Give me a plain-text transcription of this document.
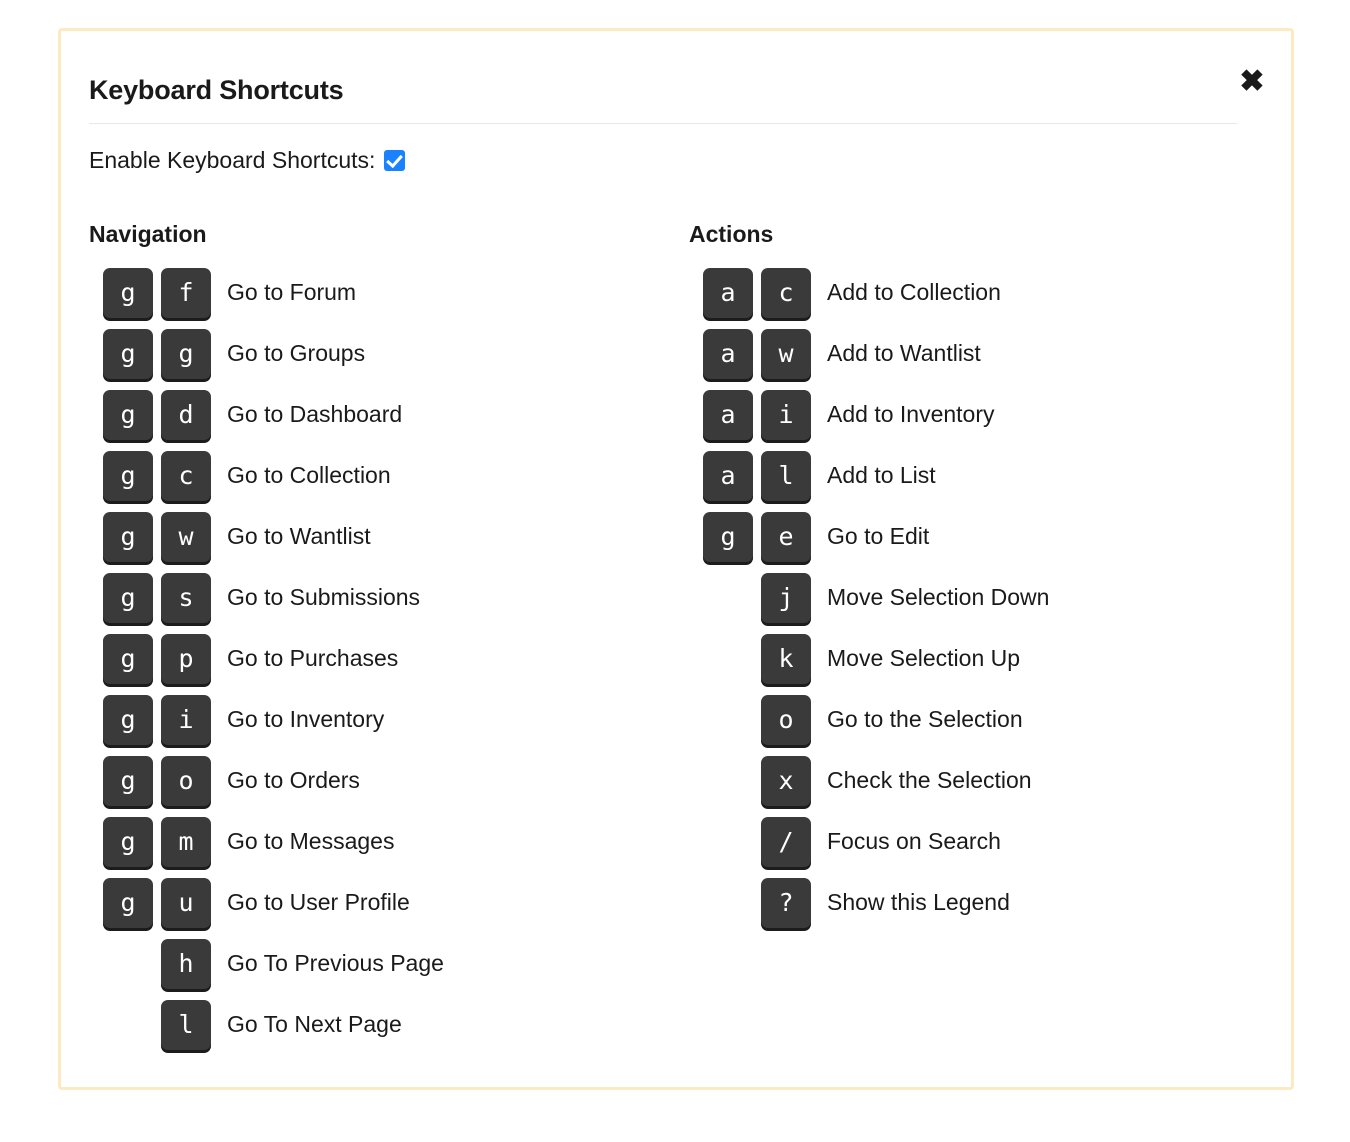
✖
Keyboard Shortcuts
Enable Keyboard Shortcuts:
Navigation
g	f	Go to Forum
g	g	Go to Groups
g	d	Go to Dashboard
g	c	Go to Collection
g	w	Go to Wantlist
g	s	Go to Submissions
g	p	Go to Purchases
g	i	Go to Inventory
g	o	Go to Orders
g	m	Go to Messages
g	u	Go to User Profile
h	Go To Previous Page
l	Go To Next Page
Actions
a	c	Add to Collection
a	w	Add to Wantlist
a	i	Add to Inventory
a	l	Add to List
g	e	Go to Edit
j	Move Selection Down
k	Move Selection Up
o	Go to the Selection
x	Check the Selection
/	Focus on Search
?	Show this Legend
